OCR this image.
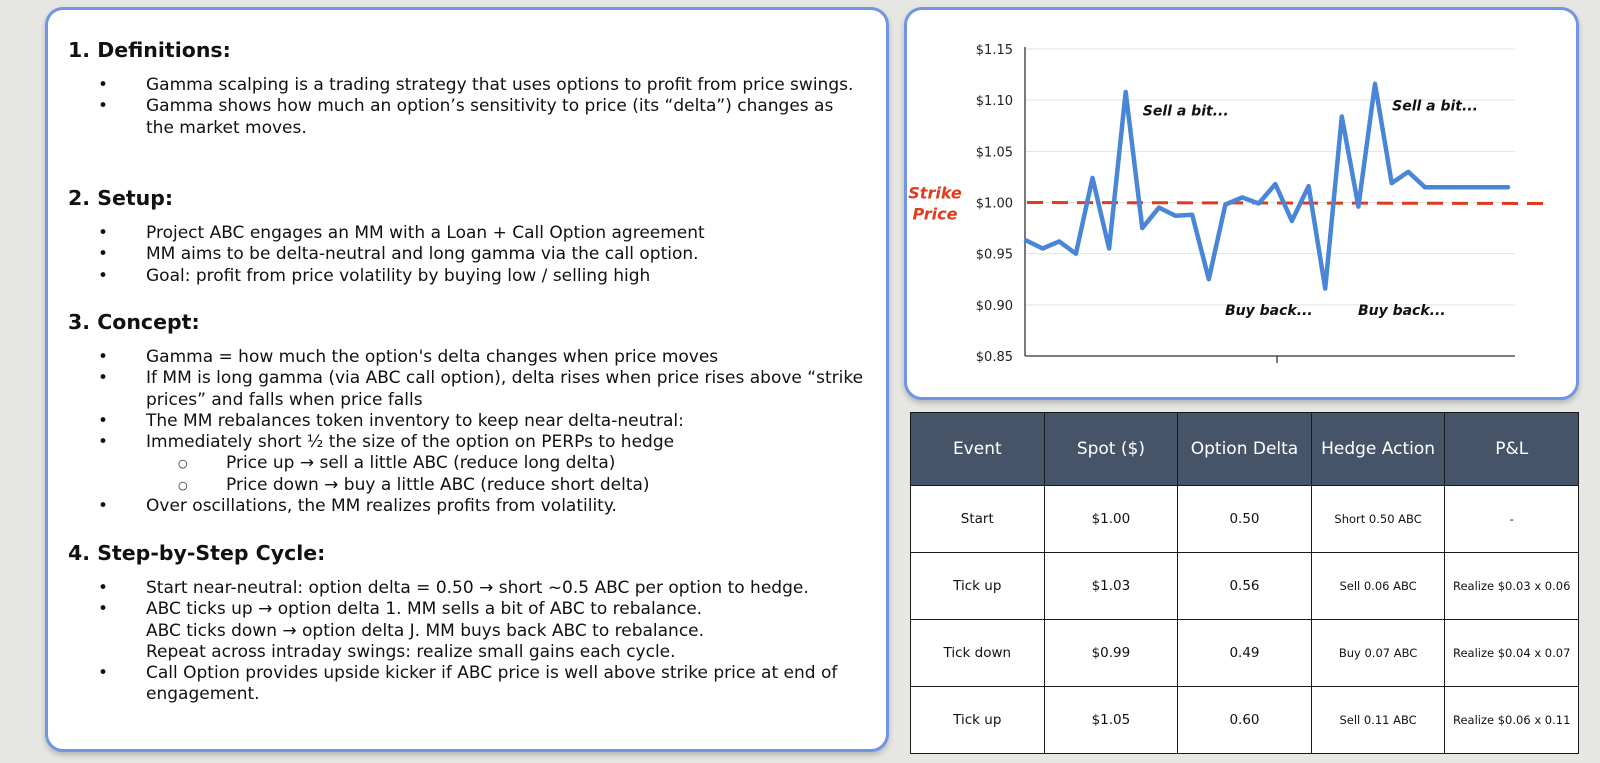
1. Definitions:
• Gamma scalping is a trading strategy that uses options to profit from price swings.
• Gamma shows how much an option’s sensitivity to price (its “delta”) changes as the market moves.
2. Setup:
• Project ABC engages an MM with a Loan + Call Option agreement
• MM aims to be delta-neutral and long gamma via the call option.
• Goal: profit from price volatility by buying low / selling high
3. Concept:
• Gamma = how much the option's delta changes when price moves
• If MM is long gamma (via ABC call option), delta rises when price rises above “strike prices” and falls when price falls
• The MM rebalances token inventory to keep near delta-neutral:
• Immediately short ½ the size of the option on PERPs to hedge
○ Price up → sell a little ABC (reduce long delta)
○ Price down → buy a little ABC (reduce short delta)
• Over oscillations, the MM realizes profits from volatility.
4. Step-by-Step Cycle:
• Start near-neutral: option delta = 0.50 → short ~0.5 ABC per option to hedge.
• ABC ticks up → option delta 1. MM sells a bit of ABC to rebalance.
ABC ticks down → option delta J. MM buys back ABC to rebalance.
Repeat across intraday swings: realize small gains each cycle.
• Call Option provides upside kicker if ABC price is well above strike price at end of engagement.
$1.15
$1.10
$1.05
$1.00
$0.95
$0.90
$0.85
Strike
Price
Sell a bit...	Sell a bit...
Buy back...	Buy back...
Event	Spot ($)	Option Delta	Hedge Action	P&L
Start	$1.00	0.50	Short 0.50 ABC	-
Tick up	$1.03	0.56	Sell 0.06 ABC	Realize $0.03 x 0.06
Tick down	$0.99	0.49	Buy 0.07 ABC	Realize $0.04 x 0.07
Tick up	$1.05	0.60	Sell 0.11 ABC	Realize $0.06 x 0.11
